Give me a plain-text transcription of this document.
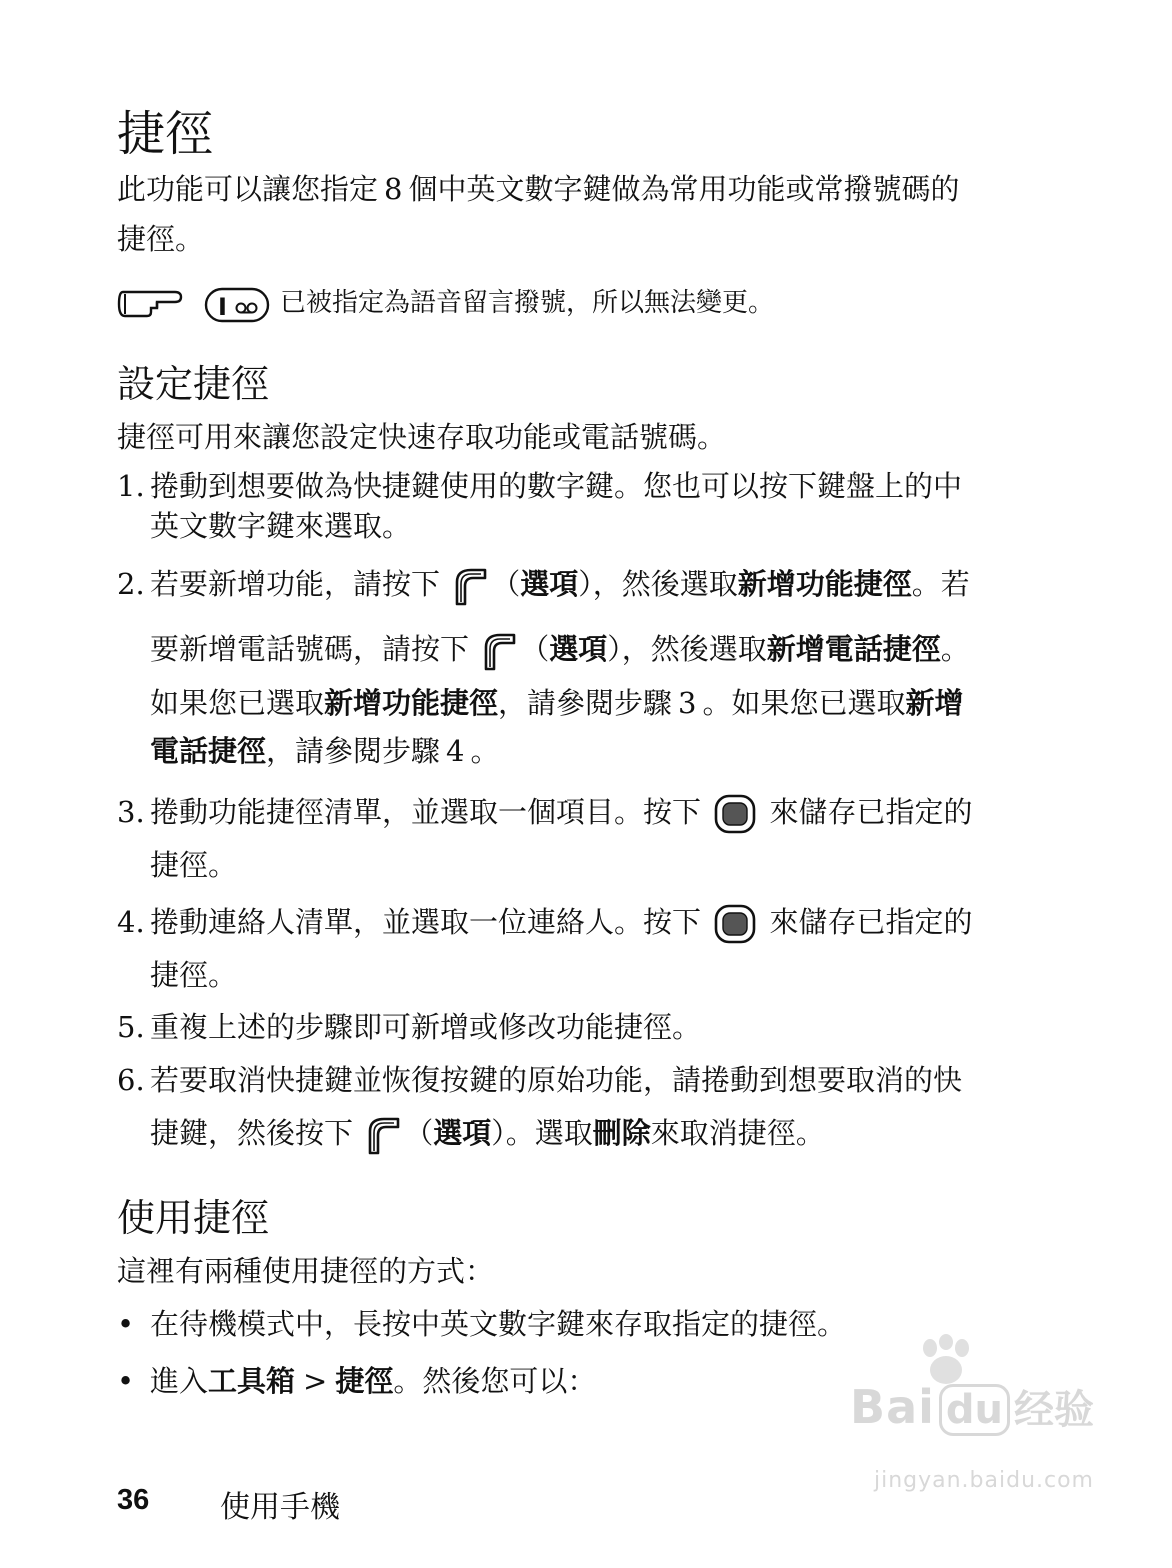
捷徑
此功能可以讓您指定 8 個中英文數字鍵做為常用功能或常撥號碼的
捷徑。
I 已被指定為語音留言撥號，所以無法變更。
設定捷徑
捷徑可用來讓您設定快速存取功能或電話號碼。
1. 捲動到想要做為快捷鍵使用的數字鍵。您也可以按下鍵盤上的中
英文數字鍵來選取。
2. 若要新增功能，請按下 （選項），然後選取新增功能捷徑。若
要新增電話號碼，請按下 （選項），然後選取新增電話捷徑。
如果您已選取新增功能捷徑，請參閱步驟 3 。如果您已選取新增
電話捷徑，請參閱步驟 4 。
3. 捲動功能捷徑清單，並選取一個項目。按下 來儲存已指定的
捷徑。
4. 捲動連絡人清單，並選取一位連絡人。按下 來儲存已指定的
捷徑。
5. 重複上述的步驟即可新增或修改功能捷徑。
6. 若要取消快捷鍵並恢復按鍵的原始功能，請捲動到想要取消的快
捷鍵，然後按下 （選項）。選取刪除來取消捷徑。
使用捷徑
這裡有兩種使用捷徑的方式：
• 在待機模式中，長按中英文數字鍵來存取指定的捷徑。
• 進入工具箱 > 捷徑。然後您可以：
36 使用手機
Bai du 经验
jingyan.baidu.com
